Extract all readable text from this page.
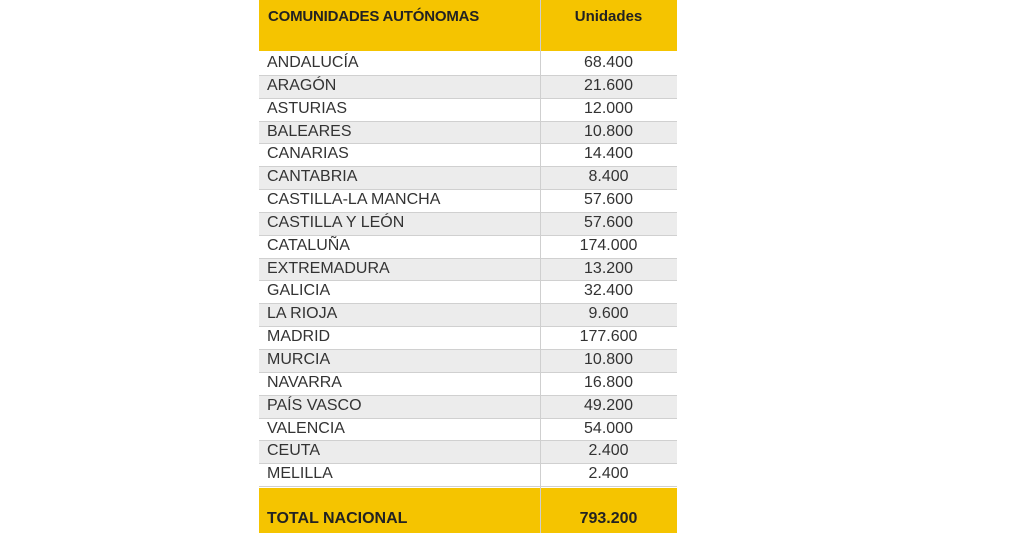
COMUNIDADES AUTÓNOMAS	Unidades
ANDALUCÍA	68.400
ARAGÓN	21.600
ASTURIAS	12.000
BALEARES	10.800
CANARIAS	14.400
CANTABRIA	8.400
CASTILLA-LA MANCHA	57.600
CASTILLA Y LEÓN	57.600
CATALUÑA	174.000
EXTREMADURA	13.200
GALICIA	32.400
LA RIOJA	9.600
MADRID	177.600
MURCIA	10.800
NAVARRA	16.800
PAÍS VASCO	49.200
VALENCIA	54.000
CEUTA	2.400
MELILLA	2.400
TOTAL NACIONAL	793.200
